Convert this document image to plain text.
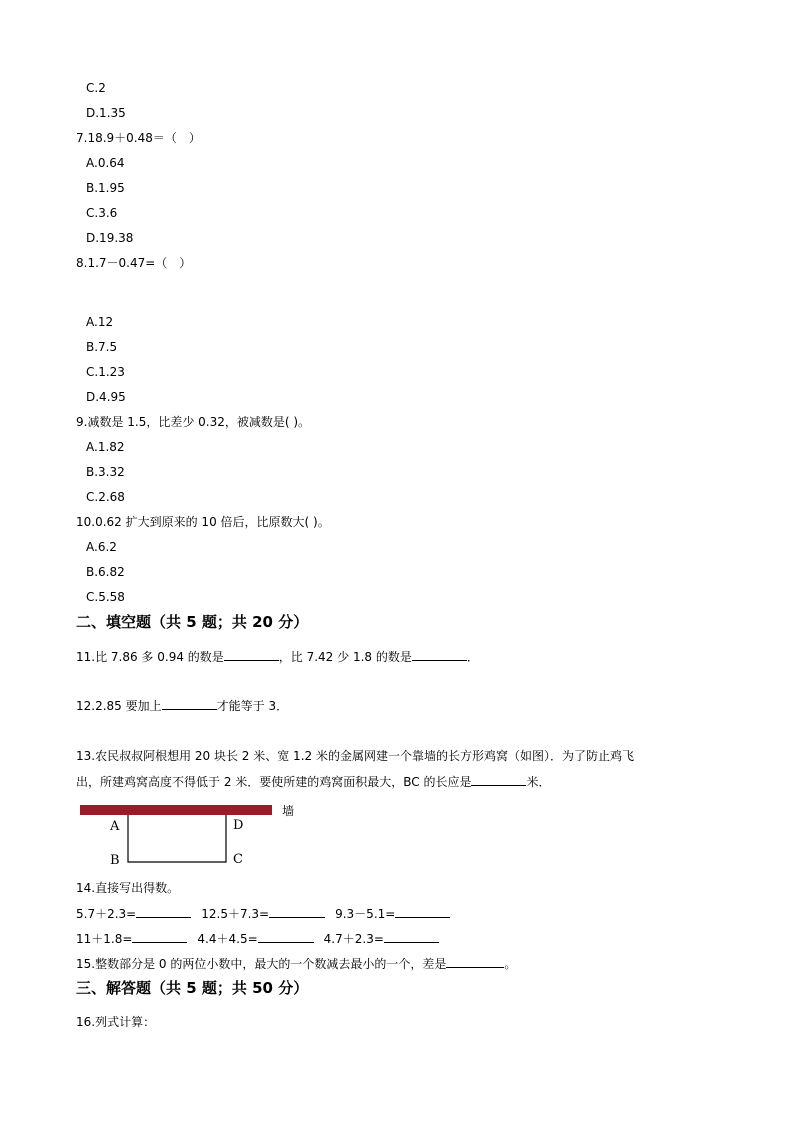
C.2
D.1.35
7.18.9＋0.48＝（　）
A.0.64
B.1.95
C.3.6
D.19.38
8.1.7－0.47=（　）
A.12
B.7.5
C.1.23
D.4.95
9.减数是 1.5，比差少 0.32，被减数是( )。
A.1.82
B.3.32
C.2.68
10.0.62 扩大到原来的 10 倍后，比原数大( )。
A.6.2
B.6.82
C.5.58
二、填空题（共 5 题；共 20 分）
11.比 7.86 多 0.94 的数是	，比 7.42 少 1.8 的数是	．
12.2.85 要加上	才能等于 3．
13.农民叔叔阿根想用 20 块长 2 米、宽 1.2 米的金属网建一个靠墙的长方形鸡窝（如图）．为了防止鸡飞
出，所建鸡窝高度不得低于 2 米．要使所建的鸡窝面积最大，BC 的长应是	米．
墙
A	D
B	C
14.直接写出得数。
5.7＋2.3=	12.5＋7.3=	9.3－5.1=
11＋1.8=	4.4＋4.5=	4.7＋2.3=
15.整数部分是 0 的两位小数中，最大的一个数减去最小的一个，差是	。
三、解答题（共 5 题；共 50 分）
16.列式计算：
